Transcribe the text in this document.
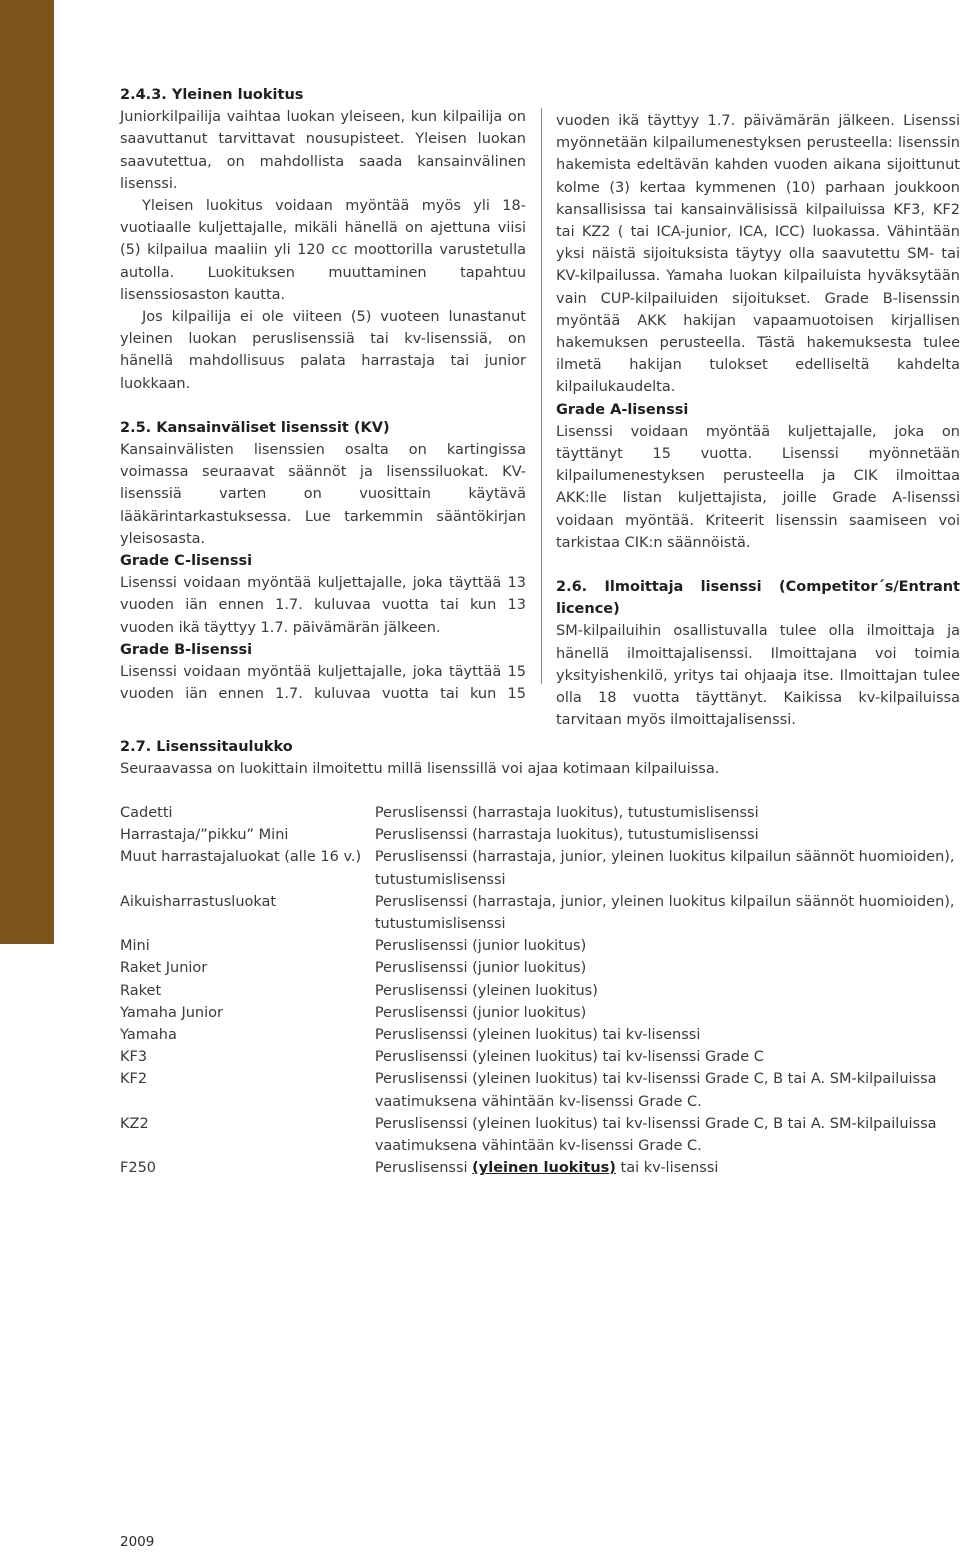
2.4.3. Yleinen luokitus

Juniorkilpailija vaihtaa luokan yleiseen, kun kilpailija on saavuttanut tarvittavat nousupisteet. Yleisen luokan saavutettua, on mahdollista saada kansainvälinen lisenssi.

Yleisen luokitus voidaan myöntää myös yli 18-vuotiaalle kuljettajalle, mikäli hänellä on ajettuna viisi (5) kilpailua maaliin yli 120 cc moottorilla varustetulla autolla. Luokituksen muuttaminen tapahtuu lisenssiosaston kautta.

Jos kilpailija ei ole viiteen (5) vuoteen lunastanut yleinen luokan peruslisenssiä tai kv-lisenssiä, on hänellä mahdollisuus palata harrastaja tai junior luokkaan.

2.5. Kansainväliset lisenssit (KV)

Kansainvälisten lisenssien osalta on kartingissa voimassa seuraavat säännöt ja lisenssiluokat. KV-lisenssiä varten on vuosittain käytävä lääkärintarkastuksessa. Lue tarkemmin sääntökirjan yleisosasta.

Grade C-lisenssi

Lisenssi voidaan myöntää kuljettajalle, joka täyttää 13 vuoden iän ennen 1.7. kuluvaa vuotta tai kun 13 vuoden ikä täyttyy 1.7. päivämärän jälkeen.

Grade B-lisenssi

Lisenssi voidaan myöntää kuljettajalle, joka täyttää 15 vuoden iän ennen 1.7. kuluvaa vuotta tai kun 15

vuoden ikä täyttyy 1.7. päivämärän jälkeen. Lisenssi myönnetään kilpailumenestyksen perusteella: lisenssin hakemista edeltävän kahden vuoden aikana sijoittunut kolme (3) kertaa kymmenen (10) parhaan joukkoon kansallisissa tai kansainvälisissä kilpailuissa KF3, KF2 tai KZ2 ( tai ICA-junior, ICA, ICC) luokassa. Vähintään yksi näistä sijoituksista täytyy olla saavutettu SM- tai KV-kilpailussa. Yamaha luokan kilpailuista hyväksytään vain CUP-kilpailuiden sijoitukset. Grade B-lisenssin myöntää AKK hakijan vapaamuotoisen kirjallisen hakemuksen perusteella. Tästä hakemuksesta tulee ilmetä hakijan tulokset edelliseltä kahdelta kilpailukaudelta.

Grade A-lisenssi

Lisenssi voidaan myöntää kuljettajalle, joka on täyttänyt 15 vuotta. Lisenssi myönnetään kilpailumenestyksen perusteella ja CIK ilmoittaa AKK:lle listan kuljettajista, joille Grade A-lisenssi voidaan myöntää. Kriteerit lisenssin saamiseen voi tarkistaa CIK:n säännöistä.

2.6. Ilmoittaja lisenssi (Competitor´s/Entrant licence)

SM-kilpailuihin osallistuvalla tulee olla ilmoittaja ja hänellä ilmoittajalisenssi. Ilmoittajana voi toimia yksityishenkilö, yritys tai ohjaaja itse. Ilmoittajan tulee olla 18 vuotta täyttänyt. Kaikissa kv-kilpailuissa tarvitaan myös ilmoittajalisenssi.

2.7. Lisenssitaulukko

Seuraavassa on luokittain ilmoitettu millä lisenssillä voi ajaa kotimaan kilpailuissa.

Cadetti	Peruslisenssi (harrastaja luokitus), tutustumislisenssi
Harrastaja/”pikku” Mini	Peruslisenssi (harrastaja luokitus), tutustumislisenssi
Muut harrastajaluokat (alle 16 v.)	Peruslisenssi (harrastaja, junior, yleinen luokitus kilpailun säännöt huomioiden), tutustumislisenssi
Aikuisharrastusluokat	Peruslisenssi (harrastaja, junior, yleinen luokitus kilpailun säännöt huomioiden), tutustumislisenssi
Mini	Peruslisenssi (junior luokitus)
Raket Junior	Peruslisenssi (junior luokitus)
Raket	Peruslisenssi (yleinen luokitus)
Yamaha Junior	Peruslisenssi (junior luokitus)
Yamaha	Peruslisenssi (yleinen luokitus) tai kv-lisenssi
KF3	Peruslisenssi (yleinen luokitus) tai kv-lisenssi Grade C
KF2	Peruslisenssi (yleinen luokitus) tai kv-lisenssi Grade C, B tai A. SM-kilpailuissa vaatimuksena vähintään kv-lisenssi Grade C.
KZ2	Peruslisenssi (yleinen luokitus) tai kv-lisenssi Grade C, B tai A. SM-kilpailuissa vaatimuksena vähintään kv-lisenssi Grade C.
F250	Peruslisenssi (yleinen luokitus) tai kv-lisenssi
2009
